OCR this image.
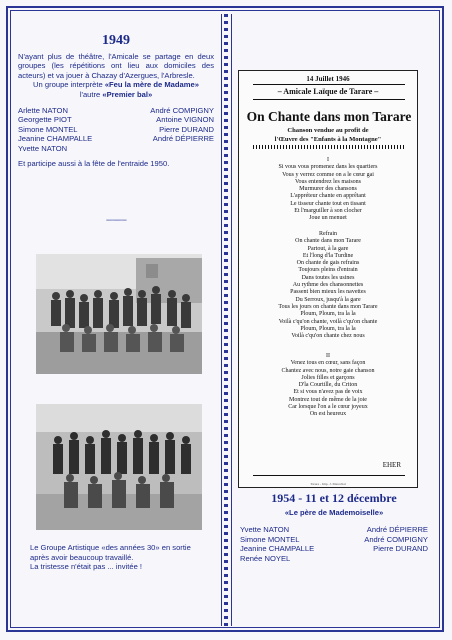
1949

N'ayant plus de théâtre, l'Amicale se partage en deux groupes (les répétitions ont lieu aux domiciles des acteurs) et va jouer à Chazay d'Azergues, l'Arbresle.

Un groupe interprète «Feu la mère de Madame»

l'autre «Premier bal»

Arlette NATON
Georgette PIOT
Simone MONTEL
Jeanine CHAMPALLE
Yvette NATON
André COMPIGNY
Antoine VIGNON
Pierre DURAND
André DÉPIERRE

Et participe aussi à la fête de l'entraide 1950.

◦◦◦◦◦◦◦◦◦◦◦◦◦◦◦◦◦◦

Le Groupe Artistique «des années 30» en sortie

après avoir beaucoup travaillé.

La tristesse n'était pas ... invitée !

14 Juillet 1946
– Amicale Laïque de Tarare –
On Chante dans mon Tarare
Chanson vendue au profit de
l'Œuvre des "Enfants à la Montagne"
I
Si vous vous promenez dans les quartiers
Vous y verrez comme on a le cœur gai
Vous entendrez les maisons
Murmurer des chansons
L'appréteur chante en apprêtant
Le tisseur chante tout en tissant
Et l'marguiller à son clocher
Joue un menuet
Refrain
On chante dans mon Tarare
Partout, à la gare
Et l'long d'la Turdine
On chante de gais refrains
Toujours pleins d'entrain
Dans toutes les usines
Au rythme des chansonnettes
Passent bien mieux les navettes
Du Serroux, jusqu'à la gare
Tous les jours on chante dans mon Tarare
Ploum, Ploum, tra la la
Voilà c'qu'on chante, voilà c'qu'on chante
Ploum, Ploum, tra la la
Voilà c'qu'on chante chez nous
II
Venez tous en cœur, sans façon
Chantez avec nous, notre gaie chanson
Jolies filles et garçons
D'la Courtille, du Criton
Et si vous n'avez pas de voix
Montrez tout de même de la joie
Car lorsque l'on a le cœur joyeux
On est heureux
EHER
Tarare - Imp. J. Marechal

1954 - 11 et 12 décembre

«Le père de Mademoiselle»

Yvette NATON
Simone MONTEL
Jeanine CHAMPALLE
Renée NOYEL
André DÉPIERRE
André COMPIGNY
Pierre DURAND
